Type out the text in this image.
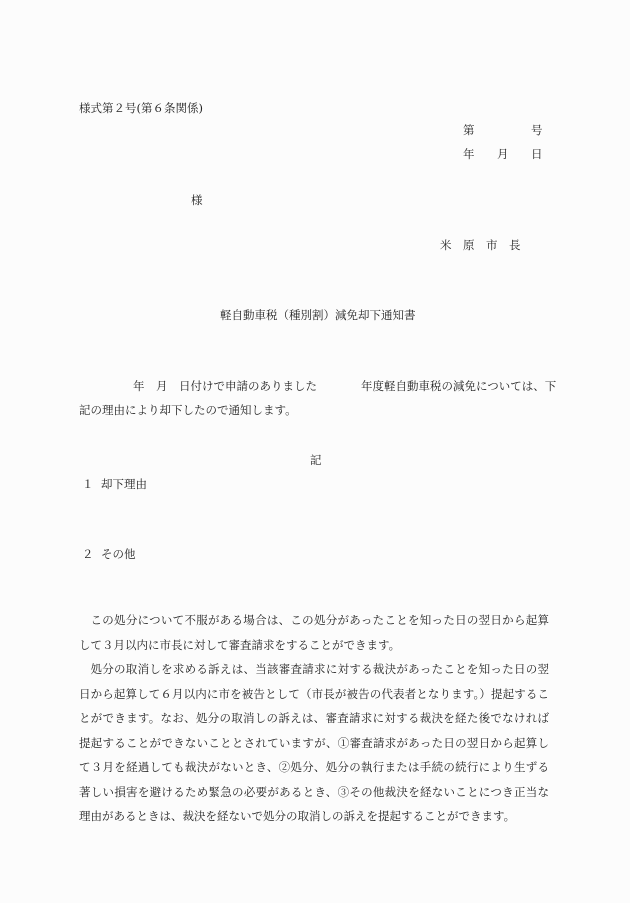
様式第２号(第６条関係)
第	号
年 月 日
様
米　原　市　長
軽自動車税（種別割）減免却下通知書
年　月　日付けで申請のありました	年度軽自動車税の減免については、下
記の理由により却下したので通知します。
記
１ 却下理由
２ その他
この処分について不服がある場合は、この処分があったことを知った日の翌日から起算して３月以内に市長に対して審査請求をすることができます。
処分の取消しを求める訴えは、当該審査請求に対する裁決があったことを知った日の翌日から起算して６月以内に市を被告として（市長が被告の代表者となります。）提起することができます。なお、処分の取消しの訴えは、審査請求に対する裁決を経た後でなければ提起することができないこととされていますが、①審査請求があった日の翌日から起算して３月を経過しても裁決がないとき、②処分、処分の執行または手続の続行により生ずる著しい損害を避けるため緊急の必要があるとき、③その他裁決を経ないことにつき正当な理由があるときは、裁決を経ないで処分の取消しの訴えを提起することができます。
